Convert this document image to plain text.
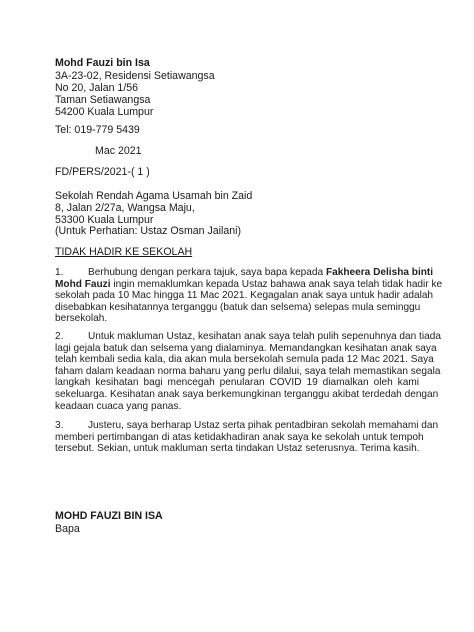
Mohd Fauzi bin Isa
3A-23-02, Residensi Setiawangsa
No 20, Jalan 1/56
Taman Setiawangsa
54200 Kuala Lumpur
Tel: 019-779 5439
Mac 2021
FD/PERS/2021-( 1 )
Sekolah Rendah Agama Usamah bin Zaid
8, Jalan 2/27a, Wangsa Maju,
53300 Kuala Lumpur
(Untuk Perhatian: Ustaz Osman Jailani)
TIDAK HADIR KE SEKOLAH
1. Berhubung dengan perkara tajuk, saya bapa kepada Fakheera Delisha binti
Mohd Fauzi ingin memaklumkan kepada Ustaz bahawa anak saya telah tidak hadir ke
sekolah pada 10 Mac hingga 11 Mac 2021. Kegagalan anak saya untuk hadir adalah
disebabkan kesihatannya terganggu (batuk dan selsema) selepas mula seminggu
bersekolah.
2. Untuk makluman Ustaz, kesihatan anak saya telah pulih sepenuhnya dan tiada
lagi gejala batuk dan selsema yang dialaminya. Memandangkan kesihatan anak saya
telah kembali sedia kala, dia akan mula bersekolah semula pada 12 Mac 2021. Saya
faham dalam keadaan norma baharu yang perlu dilalui, saya telah memastikan segala
langkah kesihatan bagi mencegah penularan COVID 19 diamalkan oleh kami
sekeluarga. Kesihatan anak saya berkemungkinan terganggu akibat terdedah dengan
keadaan cuaca yang panas.
3. Justeru, saya berharap Ustaz serta pihak pentadbiran sekolah memahami dan
memberi pertimbangan di atas ketidakhadiran anak saya ke sekolah untuk tempoh
tersebut. Sekian, untuk makluman serta tindakan Ustaz seterusnya. Terima kasih.
MOHD FAUZI BIN ISA
Bapa
